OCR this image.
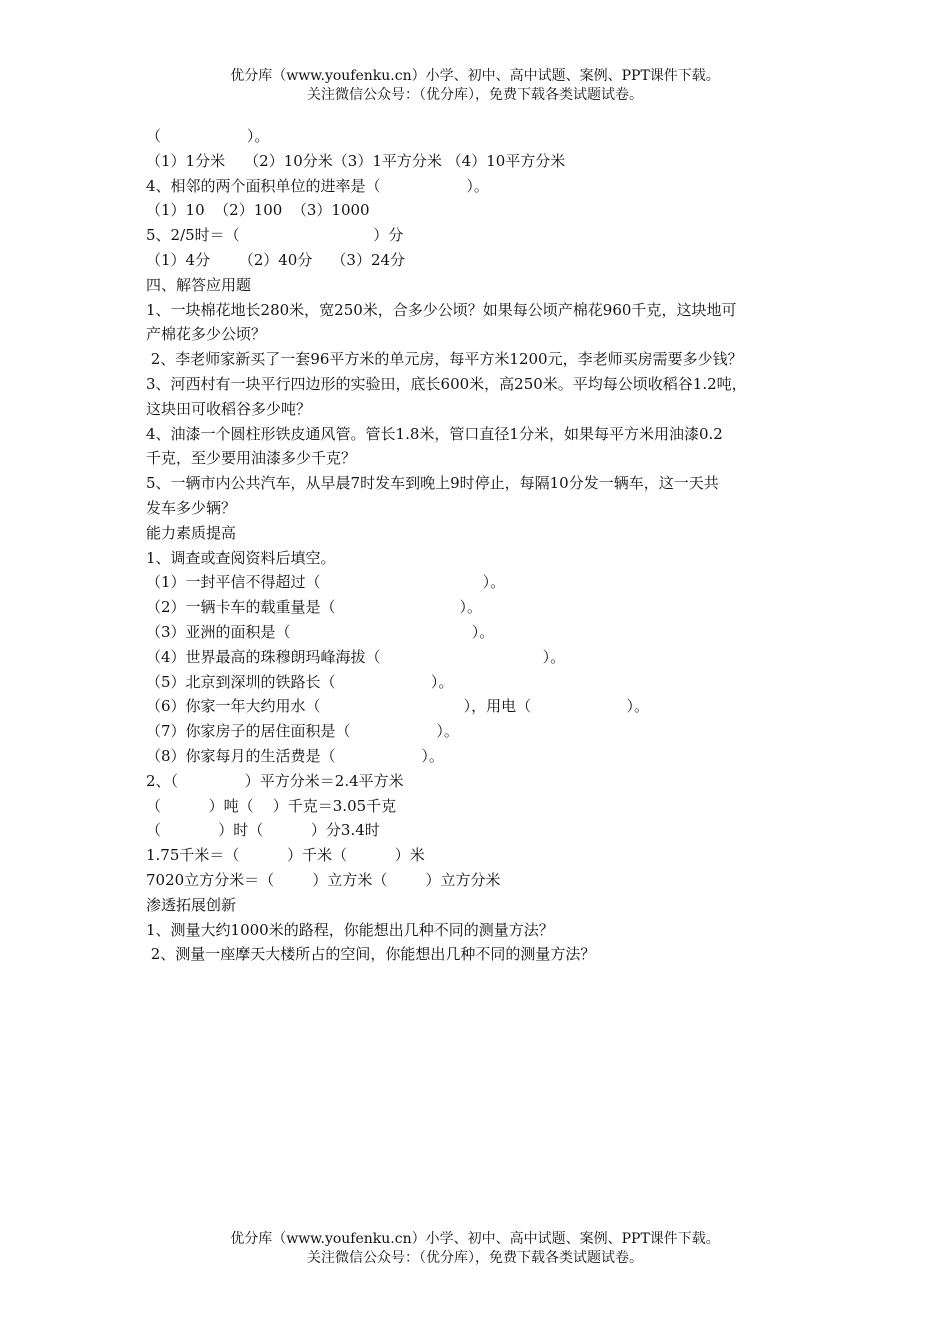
优分库（www.youfenku.cn）小学、初中、高中试题、案例、PPT课件下载。
关注微信公众号：（优分库），免费下载各类试题试卷。
（                  ）。
（1）1分米    （2）10分米（3）1平方分米 （4）10平方分米
4、相邻的两个面积单位的进率是（                  ）。
（1）10  （2）100  （3）1000
5、2/5时＝（                            ）分
（1）4分      （2）40分    （3）24分
四、解答应用题
1、一块棉花地长280米，宽250米，合多少公顷？如果每公顷产棉花960千克，这块地可
产棉花多少公顷？
2、李老师家新买了一套96平方米的单元房，每平方米1200元，李老师买房需要多少钱？
3、河西村有一块平行四边形的实验田，底长600米，高250米。平均每公顷收稻谷1.2吨，
这块田可收稻谷多少吨？
4、油漆一个圆柱形铁皮通风管。管长1.8米，管口直径1分米，如果每平方米用油漆0.2
千克，至少要用油漆多少千克？
5、一辆市内公共汽车，从早晨7时发车到晚上9时停止，每隔10分发一辆车，这一天共
发车多少辆？
能力素质提高
1、调查或查阅资料后填空。
（1）一封平信不得超过（                                  ）。
（2）一辆卡车的载重量是（                          ）。
（3）亚洲的面积是（                                      ）。
（4）世界最高的珠穆朗玛峰海拔（                                  ）。
（5）北京到深圳的铁路长（                    ）。
（6）你家一年大约用水（                              ），用电（                    ）。
（7）你家房子的居住面积是（                  ）。
（8）你家每月的生活费是（                  ）。
2、（              ）平方分米＝2.4平方米
（          ）吨（    ）千克＝3.05千克
（            ）时（          ）分3.4时
1.75千米＝（          ）千米（          ）米
7020立方分米＝（        ）立方米（        ）立方分米
渗透拓展创新
1、测量大约1000米的路程，你能想出几种不同的测量方法？
2、测量一座摩天大楼所占的空间，你能想出几种不同的测量方法？
优分库（www.youfenku.cn）小学、初中、高中试题、案例、PPT课件下载。
关注微信公众号：（优分库），免费下载各类试题试卷。
